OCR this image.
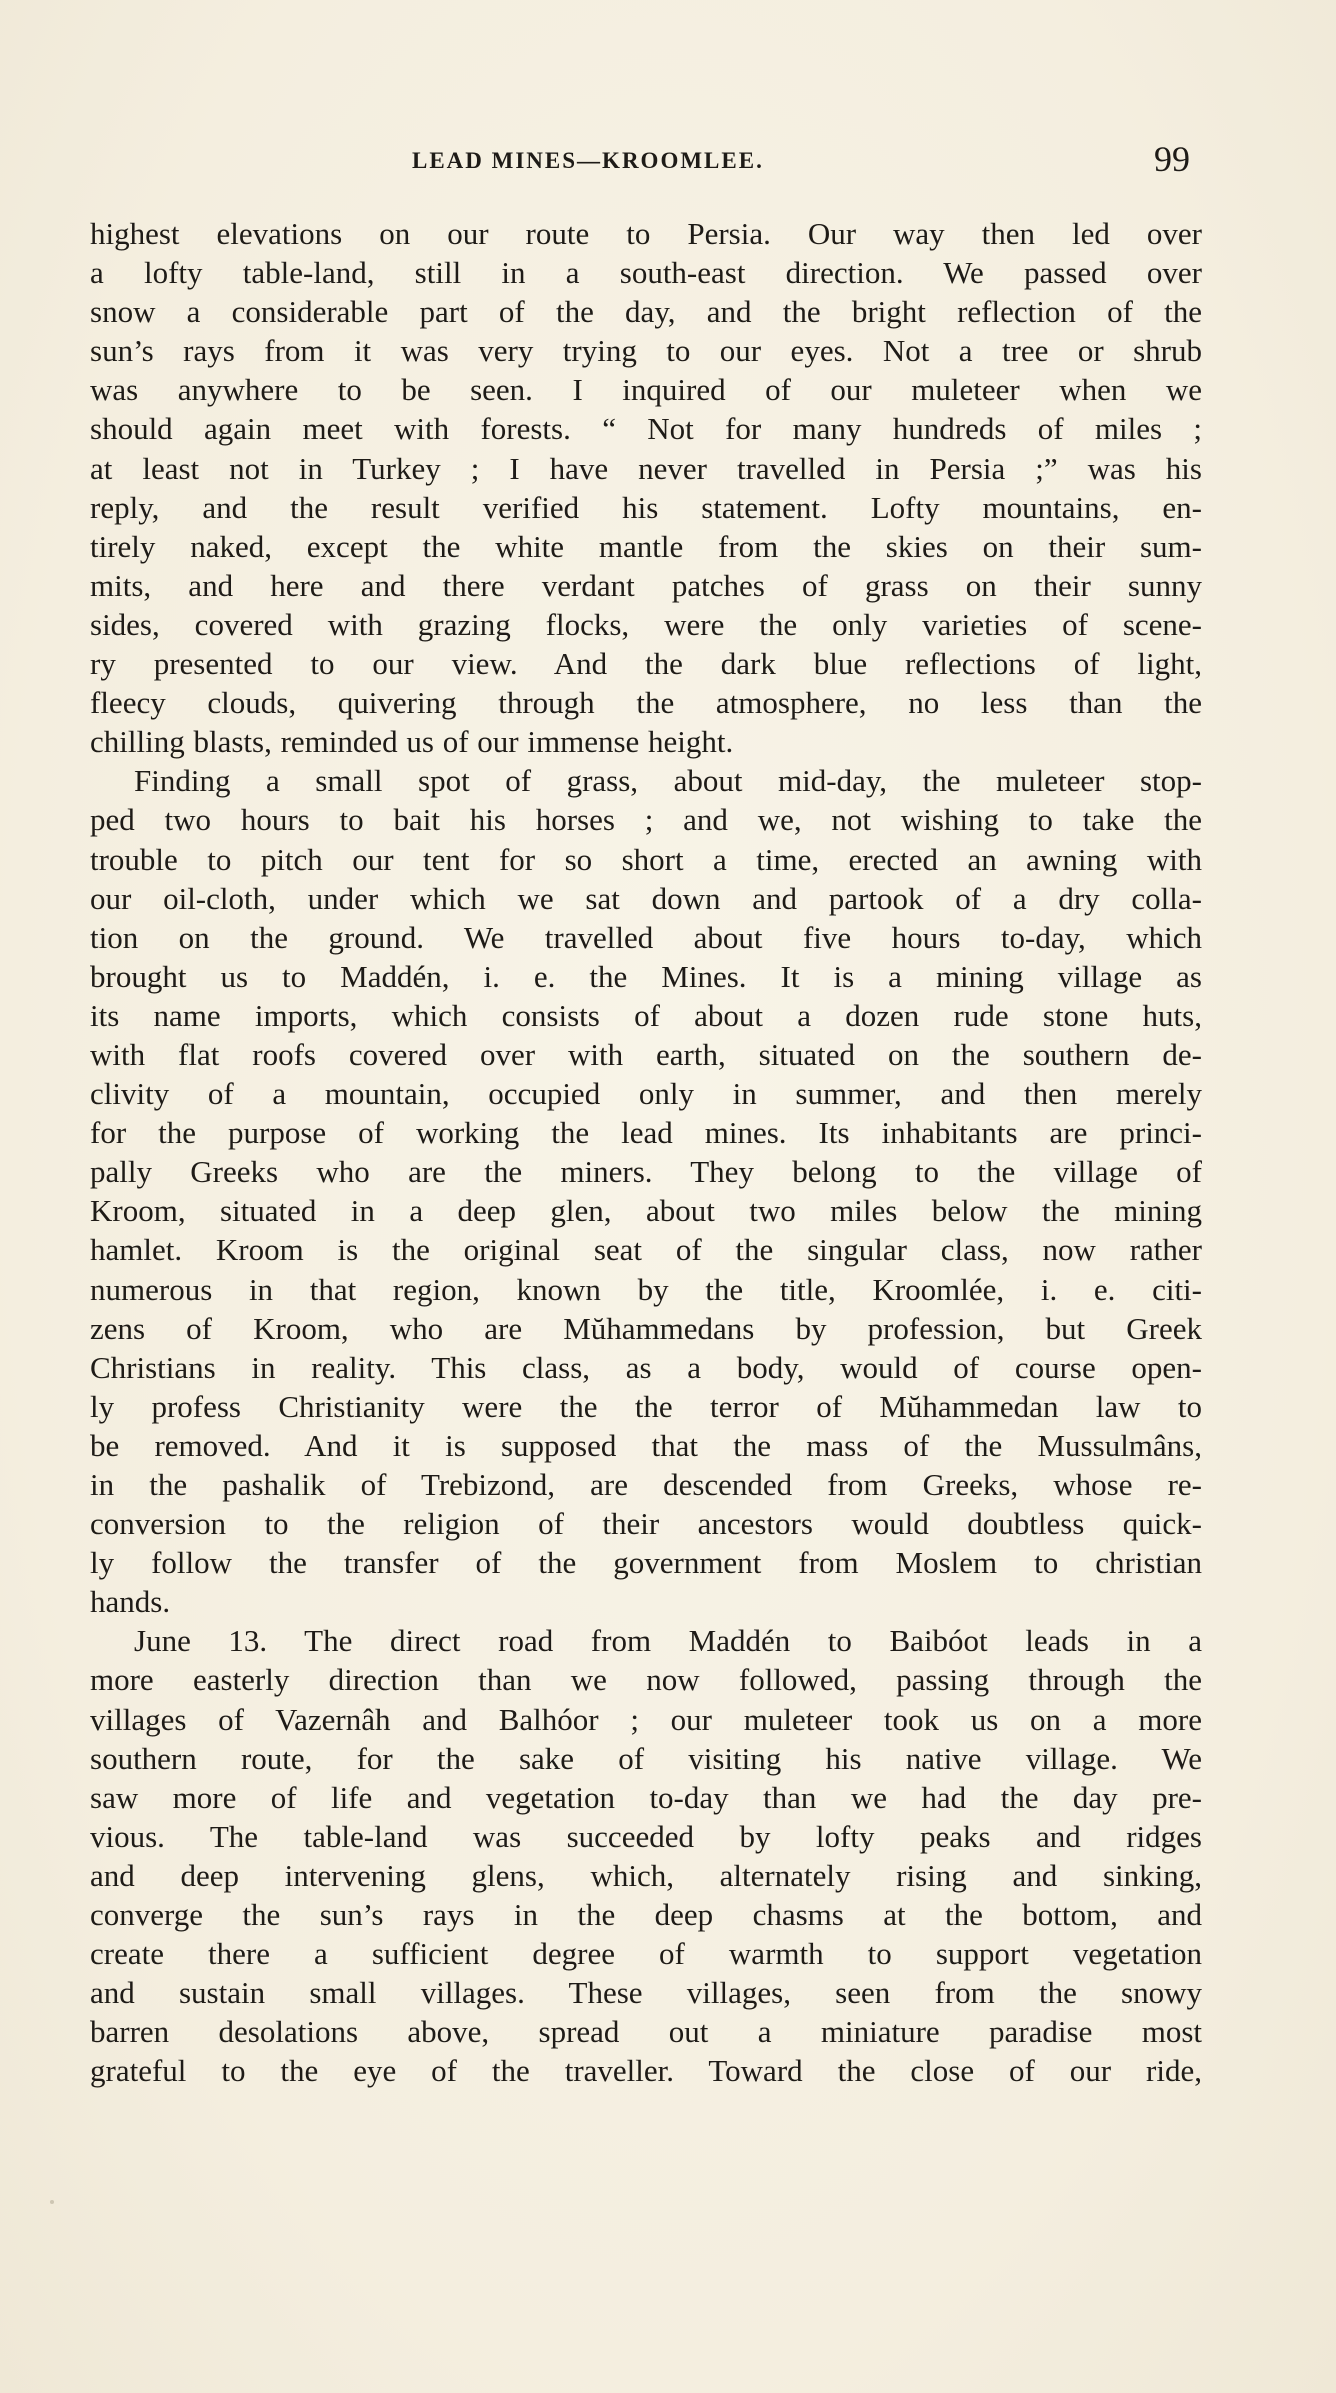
LEAD MINES—KROOMLEE.	99
highest elevations on our route to Persia. Our way then led over
a lofty table-land, still in a south-east direction. We passed over
snow a considerable part of the day, and the bright reflection of the
sun’s rays from it was very trying to our eyes. Not a tree or shrub
was anywhere to be seen. I inquired of our muleteer when we
should again meet with forests. “ Not for many hundreds of miles ;
at least not in Turkey ; I have never travelled in Persia ;” was his
reply, and the result verified his statement. Lofty mountains, en-
tirely naked, except the white mantle from the skies on their sum-
mits, and here and there verdant patches of grass on their sunny
sides, covered with grazing flocks, were the only varieties of scene-
ry presented to our view. And the dark blue reflections of light,
fleecy clouds, quivering through the atmosphere, no less than the
chilling blasts, reminded us of our immense height.
Finding a small spot of grass, about mid-day, the muleteer stop-
ped two hours to bait his horses ; and we, not wishing to take the
trouble to pitch our tent for so short a time, erected an awning with
our oil-cloth, under which we sat down and partook of a dry colla-
tion on the ground. We travelled about five hours to-day, which
brought us to Maddén, i. e. the Mines. It is a mining village as
its name imports, which consists of about a dozen rude stone huts,
with flat roofs covered over with earth, situated on the southern de-
clivity of a mountain, occupied only in summer, and then merely
for the purpose of working the lead mines. Its inhabitants are princi-
pally Greeks who are the miners. They belong to the village of
Kroom, situated in a deep glen, about two miles below the mining
hamlet. Kroom is the original seat of the singular class, now rather
numerous in that region, known by the title, Kroomlée, i. e. citi-
zens of Kroom, who are Mŭhammedans by profession, but Greek
Christians in reality. This class, as a body, would of course open-
ly profess Christianity were the the terror of Mŭhammedan law to
be removed. And it is supposed that the mass of the Mussulmâns,
in the pashalik of Trebizond, are descended from Greeks, whose re-
conversion to the religion of their ancestors would doubtless quick-
ly follow the transfer of the government from Moslem to christian
hands.
June 13. The direct road from Maddén to Baibóot leads in a
more easterly direction than we now followed, passing through the
villages of Vazernâh and Balhóor ; our muleteer took us on a more
southern route, for the sake of visiting his native village. We
saw more of life and vegetation to-day than we had the day pre-
vious. The table-land was succeeded by lofty peaks and ridges
and deep intervening glens, which, alternately rising and sinking,
converge the sun’s rays in the deep chasms at the bottom, and
create there a sufficient degree of warmth to support vegetation
and sustain small villages. These villages, seen from the snowy
barren desolations above, spread out a miniature paradise most
grateful to the eye of the traveller. Toward the close of our ride,
